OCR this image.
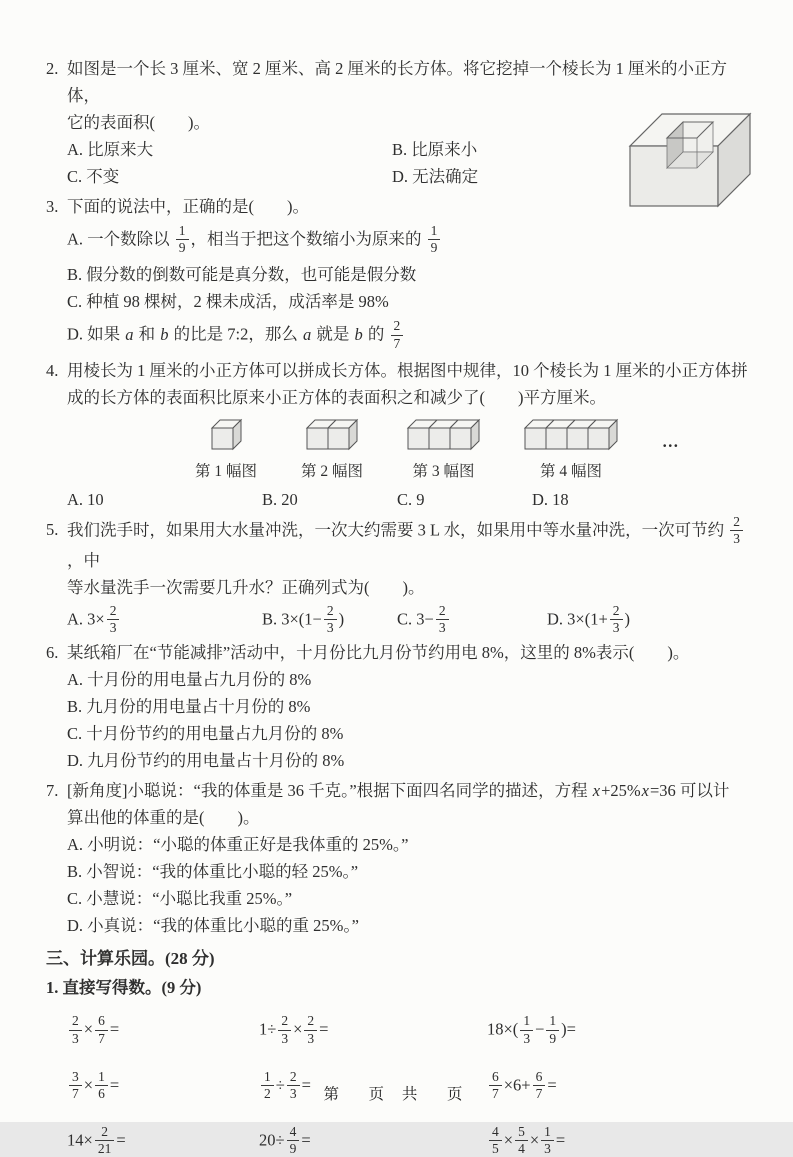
2. 如图是一个长 3 厘米、宽 2 厘米、高 2 厘米的长方体。将它挖掉一个棱长为 1 厘米的小正方体，
它的表面积(　　)。
A. 比原来大	B. 比原来小
C. 不变	D. 无法确定
3. 下面的说法中，正确的是(　　)。
A. 一个数除以 $\frac{1}{9}$ ，相当于把这个数缩小为原来的 $\frac{1}{9}$
B. 假分数的倒数可能是真分数，也可能是假分数
C. 种植 98 棵树，2 棵未成活，成活率是 98%
D. 如果 a 和 b 的比是 7:2，那么 a 就是 b 的 $\frac{2}{7}$
4. 用棱长为 1 厘米的小正方体可以拼成长方体。根据图中规律，10 个棱长为 1 厘米的小正方体拼
成的长方体的表面积比原来小正方体的表面积之和减少了(　　)平方厘米。
第 1 幅图	第 2 幅图	第 3 幅图	第 4 幅图
…
A. 10	B. 20	C. 9	D. 18
5. 我们洗手时，如果用大水量冲洗，一次大约需要 3 L 水，如果用中等水量冲洗，一次可节约 $\frac{2}{3}$
，中
等水量洗手一次需要几升水？正确列式为(　　)。
A. $3\times \frac{2}{3}$	B. $3\times(1- \frac{2}{3}$ )	C. $3- \frac{2}{3}$	D. $3\times(1+ \frac{2}{3}$ )
6. 某纸箱厂在“节能减排”活动中，十月份比九月份节约用电 8%，这里的 8%表示(　　)。
A. 十月份的用电量占九月份的 8%
B. 九月份的用电量占十月份的 8%
C. 十月份节约的用电量占九月份的 8%
D. 九月份节约的用电量占十月份的 8%
7. [新角度]小聪说：“我的体重是 36 千克。”根据下面四名同学的描述，方程 x+25%x=36 可以计
算出他的体重的是(　　)。
A. 小明说：“小聪的体重正好是我体重的 25%。”
B. 小智说：“我的体重比小聪的轻 25%。”
C. 小慧说：“小聪比我重 25%。”
D. 小真说：“我的体重比小聪的重 25%。”
三、计算乐园。(28 分)
1. 直接写得数。(9 分)
$\frac{2}{3} \times \frac{6}{7}$ =	$1\div \frac{2}{3} \times \frac{2}{3}$ =	$18\times( \frac{1}{3} - \frac{1}{9}$ )=
$\frac{3}{7} \times \frac{1}{6}$ =	$\frac{1}{2} \div \frac{2}{3}$ =	$\frac{6}{7} \times 6+ \frac{6}{7}$ =
$14\times \frac{2}{21}$ =	$20\div \frac{4}{9}$ =	$\frac{4}{5} \times \frac{5}{4} \times \frac{1}{3}$ =
第　页 共　页
